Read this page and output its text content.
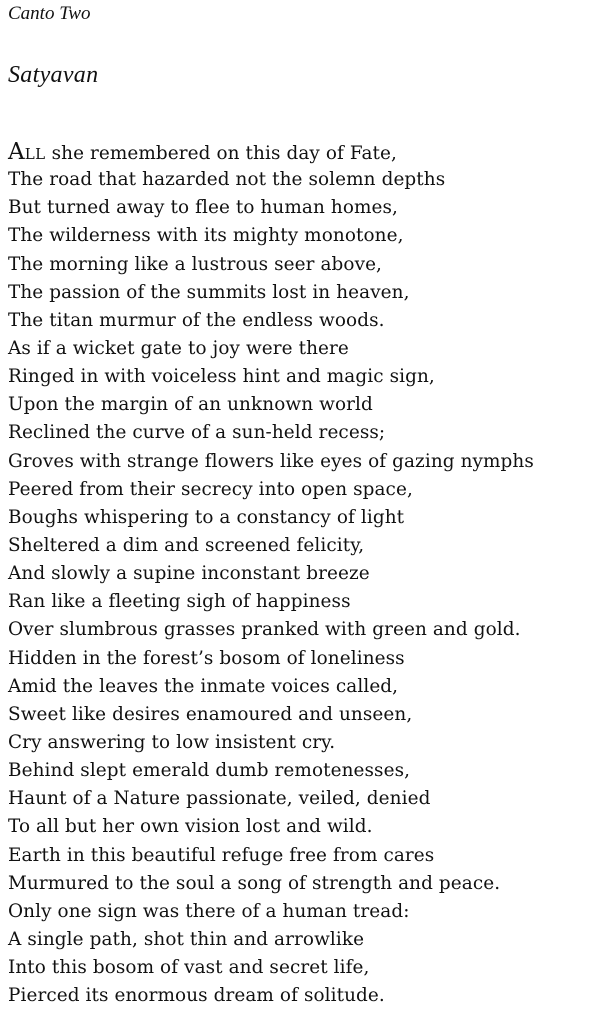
Canto Two
Satyavan
ALL she remembered on this day of Fate,
The road that hazarded not the solemn depths
But turned away to flee to human homes,
The wilderness with its mighty monotone,
The morning like a lustrous seer above,
The passion of the summits lost in heaven,
The titan murmur of the endless woods.
As if a wicket gate to joy were there
Ringed in with voiceless hint and magic sign,
Upon the margin of an unknown world
Reclined the curve of a sun-held recess;
Groves with strange flowers like eyes of gazing nymphs
Peered from their secrecy into open space,
Boughs whispering to a constancy of light
Sheltered a dim and screened felicity,
And slowly a supine inconstant breeze
Ran like a fleeting sigh of happiness
Over slumbrous grasses pranked with green and gold.
Hidden in the forest’s bosom of loneliness
Amid the leaves the inmate voices called,
Sweet like desires enamoured and unseen,
Cry answering to low insistent cry.
Behind slept emerald dumb remotenesses,
Haunt of a Nature passionate, veiled, denied
To all but her own vision lost and wild.
Earth in this beautiful refuge free from cares
Murmured to the soul a song of strength and peace.
Only one sign was there of a human tread:
A single path, shot thin and arrowlike
Into this bosom of vast and secret life,
Pierced its enormous dream of solitude.
